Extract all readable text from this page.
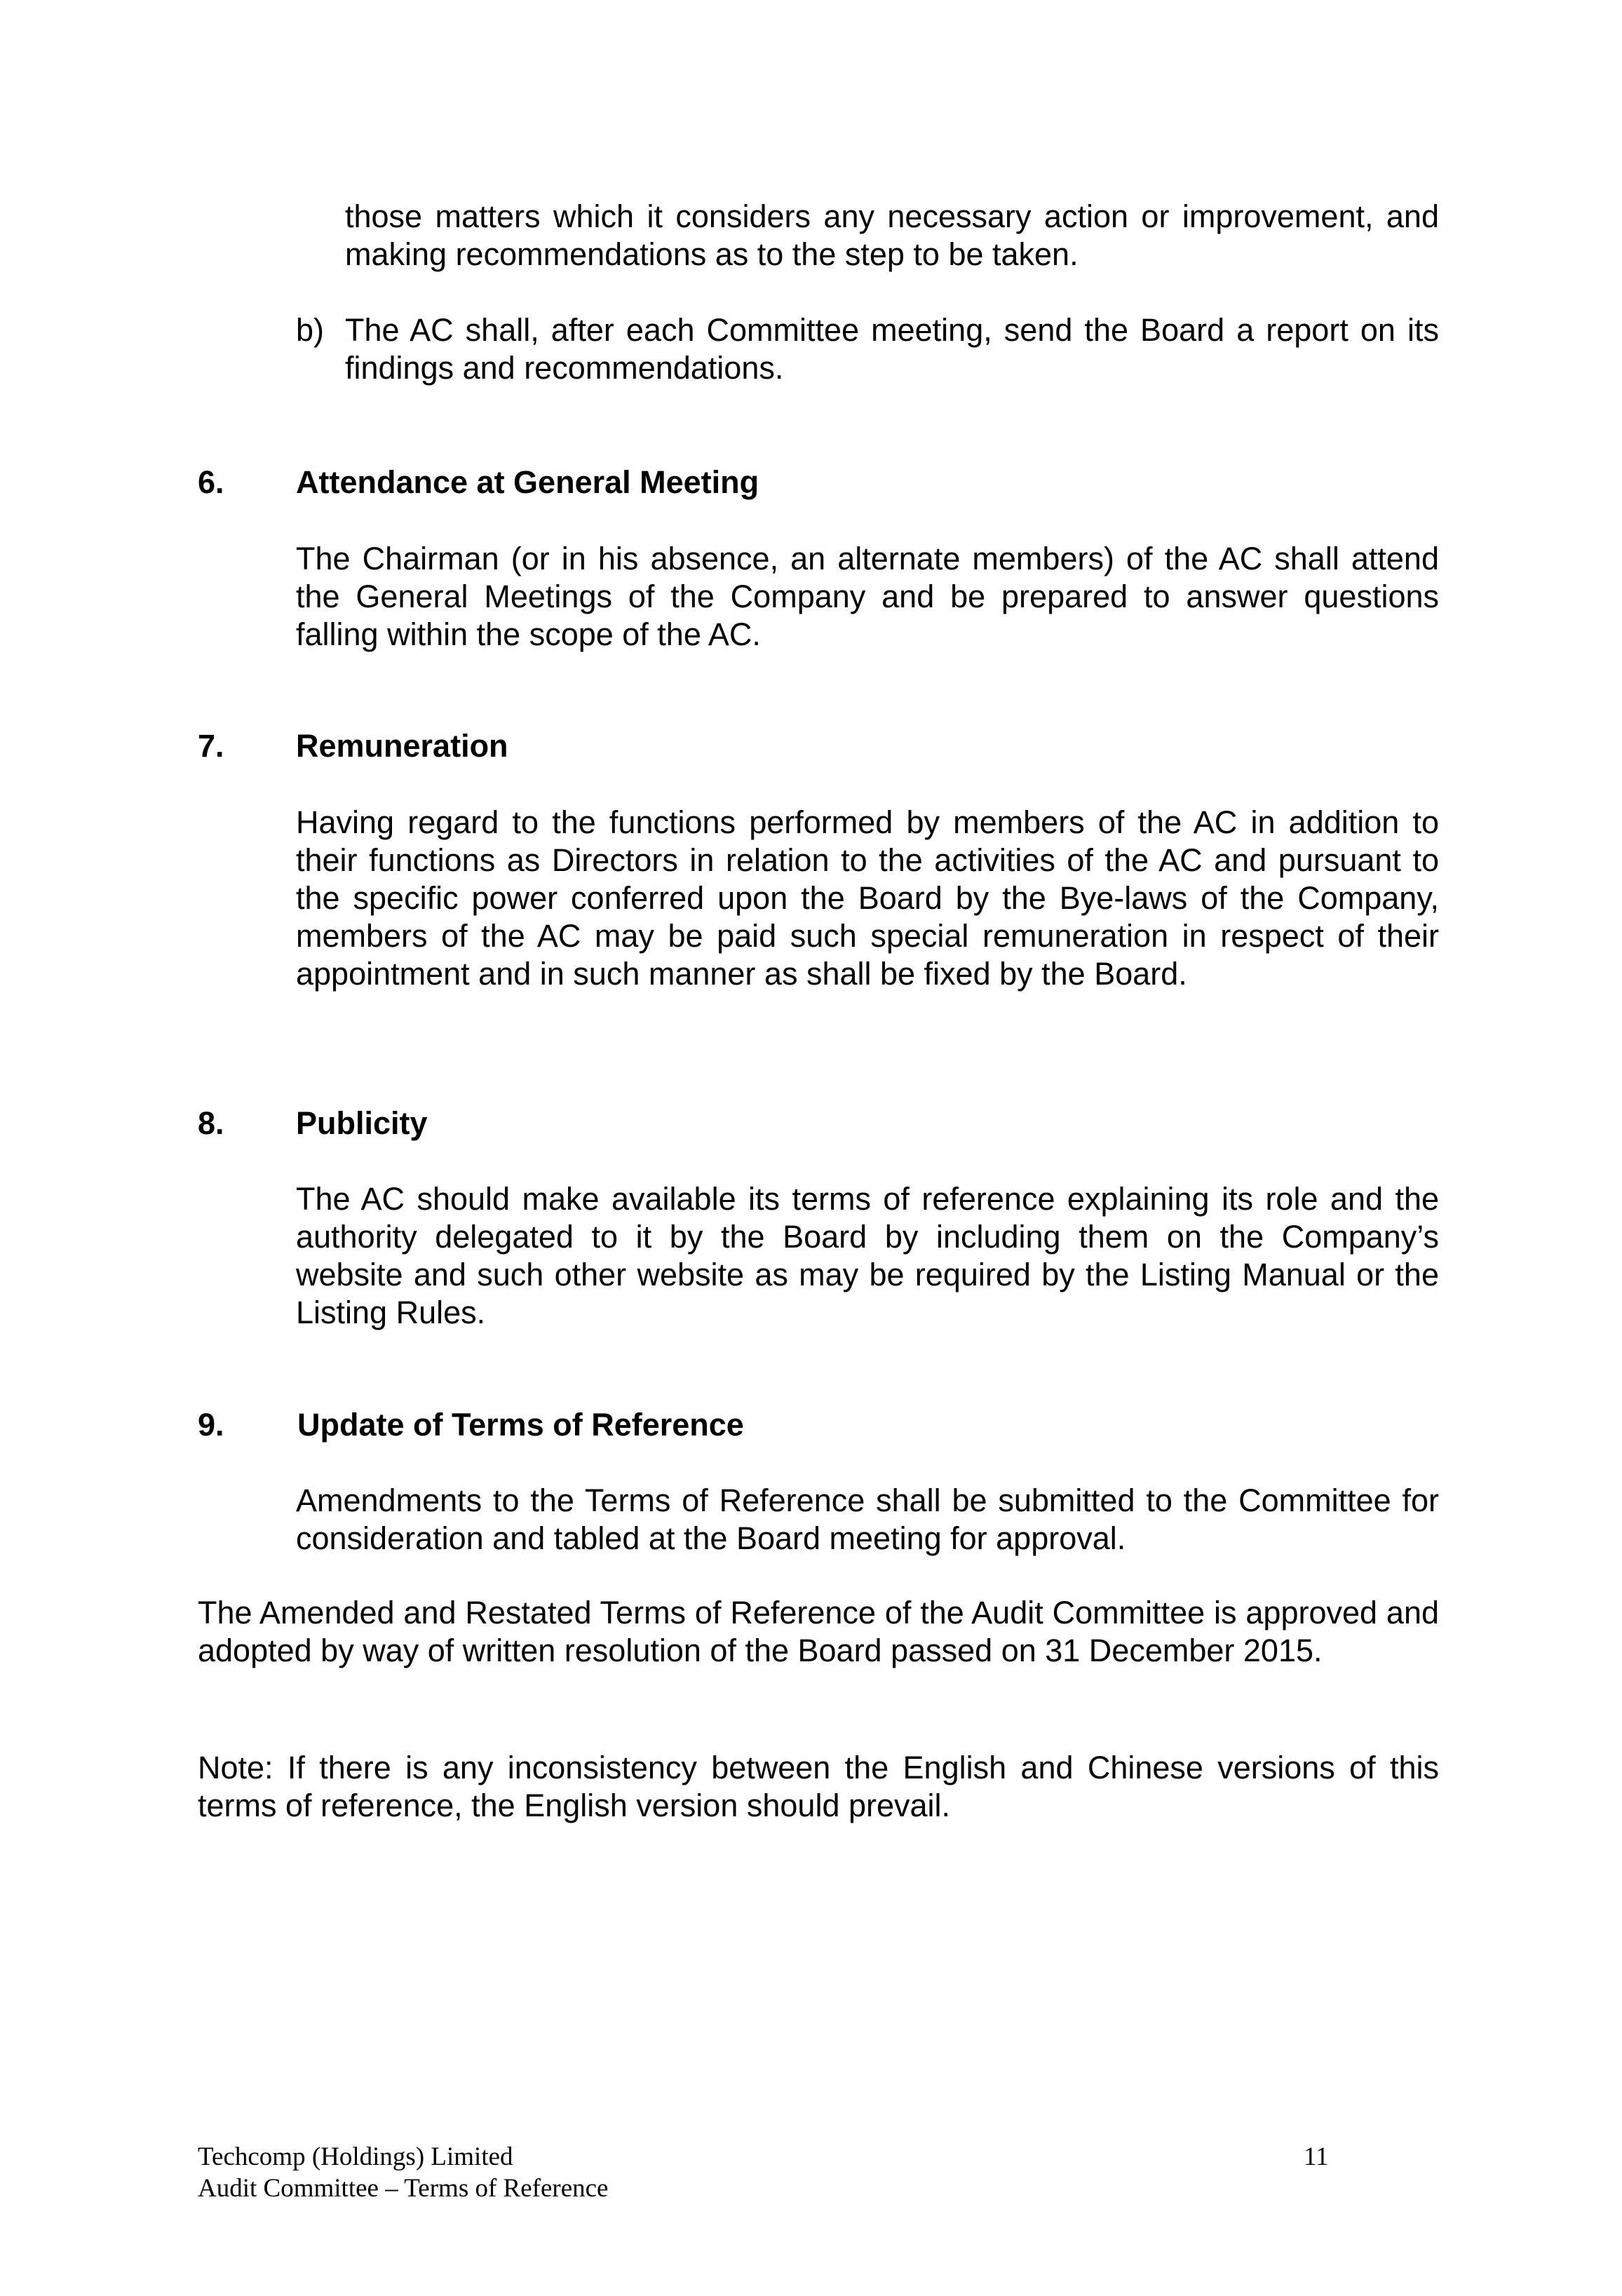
those matters which it considers any necessary action or improvement, and making recommendations as to the step to be taken.
b) The AC shall, after each Committee meeting, send the Board a report on its findings and recommendations.
6. Attendance at General Meeting
The Chairman (or in his absence, an alternate members) of the AC shall attend the General Meetings of the Company and be prepared to answer questions falling within the scope of the AC.
7. Remuneration
Having regard to the functions performed by members of the AC in addition to their functions as Directors in relation to the activities of the AC and pursuant to the specific power conferred upon the Board by the Bye-laws of the Company, members of the AC may be paid such special remuneration in respect of their appointment and in such manner as shall be fixed by the Board.
8. Publicity
The AC should make available its terms of reference explaining its role and the authority delegated to it by the Board by including them on the Company’s website and such other website as may be required by the Listing Manual or the Listing Rules.
9. Update of Terms of Reference
Amendments to the Terms of Reference shall be submitted to the Committee for consideration and tabled at the Board meeting for approval.
The Amended and Restated Terms of Reference of the Audit Committee is approved and adopted by way of written resolution of the Board passed on 31 December 2015.
Note: If there is any inconsistency between the English and Chinese versions of this terms of reference, the English version should prevail.
Techcomp (Holdings) Limited
Audit Committee – Terms of Reference
11
